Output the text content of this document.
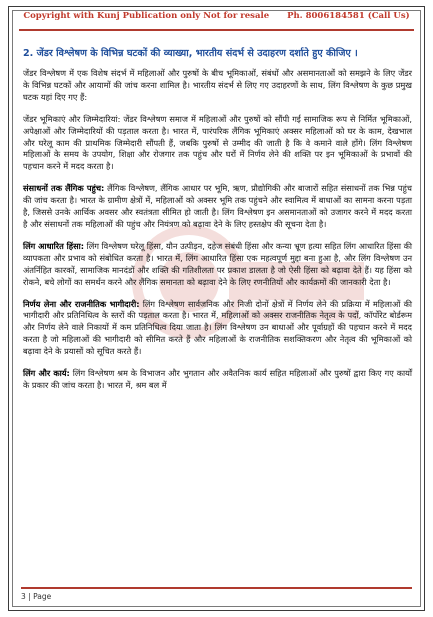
Copyright with Kunj Publication only Not for resale Ph. 8006184581 (Call Us)
2. जेंडर विश्लेषण के विभिन्न घटकों की व्याख्या, भारतीय संदर्भ से उदाहरण दर्शाते हुए कीजिए ।

जेंडर विश्लेषण में एक विशेष संदर्भ में महिलाओं और पुरुषों के बीच भूमिकाओं, संबंधों और असमानताओं को समझने के लिए जेंडर के विभिन्न घटकों और आयामों की जांच करना शामिल है। भारतीय संदर्भ से लिए गए उदाहरणों के साथ, लिंग विश्लेषण के कुछ प्रमुख घटक यहां दिए गए हैं:

जेंडर भूमिकाएं और जिम्मेदारियां: जेंडर विश्लेषण समाज में महिलाओं और पुरुषों को सौंपी गई सामाजिक रूप से निर्मित भूमिकाओं, अपेक्षाओं और जिम्मेदारियों की पड़ताल करता है। भारत में, पारंपरिक लैंगिक भूमिकाएं अक्सर महिलाओं को घर के काम, देखभाल और घरेलू काम की प्राथमिक जिम्मेदारी सौंपती हैं, जबकि पुरुषों से उम्मीद की जाती है कि वे कमाने वाले होंगे। लिंग विश्लेषण महिलाओं के समय के उपयोग, शिक्षा और रोजगार तक पहुंच और घरों में निर्णय लेने की शक्ति पर इन भूमिकाओं के प्रभावों की पहचान करने में मदद करता है।

संसाधनों तक लैंगिक पहुंच: लैंगिक विश्लेषण, लैंगिक आधार पर भूमि, ऋण, प्रौद्योगिकी और बाजारों सहित संसाधनों तक भिन्न पहुंच की जांच करता है। भारत के ग्रामीण क्षेत्रों में, महिलाओं को अक्सर भूमि तक पहुंचने और स्वामित्व में बाधाओं का सामना करना पड़ता है, जिससे उनके आर्थिक अवसर और स्वतंत्रता सीमित हो जाती है। लिंग विश्लेषण इन असमानताओं को उजागर करने में मदद करता है और संसाधनों तक महिलाओं की पहुंच और नियंत्रण को बढ़ावा देने के लिए हस्तक्षेप की सूचना देता है।

लिंग आधारित हिंसा: लिंग विश्लेषण घरेलू हिंसा, यौन उत्पीड़न, दहेज संबंधी हिंसा और कन्या भ्रूण हत्या सहित लिंग आधारित हिंसा की व्यापकता और प्रभाव को संबोधित करता है। भारत में, लिंग आधारित हिंसा एक महत्वपूर्ण मुद्दा बना हुआ है, और लिंग विश्लेषण उन अंतर्निहित कारकों, सामाजिक मानदंडों और शक्ति की गतिशीलता पर प्रकाश डालता है जो ऐसी हिंसा को बढ़ावा देते हैं। यह हिंसा को रोकने, बचे लोगों का समर्थन करने और लैंगिक समानता को बढ़ावा देने के लिए रणनीतियों और कार्यक्रमों की जानकारी देता है।

निर्णय लेना और राजनीतिक भागीदारी: लिंग विश्लेषण सार्वजनिक और निजी दोनों क्षेत्रों में निर्णय लेने की प्रक्रिया में महिलाओं की भागीदारी और प्रतिनिधित्व के स्तरों की पड़ताल करता है। भारत में, महिलाओं को अक्सर राजनीतिक नेतृत्व के पदों, कॉर्पोरेट बोर्डरूम और निर्णय लेने वाले निकायों में कम प्रतिनिधित्व दिया जाता है। लिंग विश्लेषण उन बाधाओं और पूर्वाग्रहों की पहचान करने में मदद करता है जो महिलाओं की भागीदारी को सीमित करते हैं और महिलाओं के राजनीतिक सशक्तिकरण और नेतृत्व की भूमिकाओं को बढ़ावा देने के प्रयासों को सूचित करते हैं।

लिंग और कार्य: लिंग विश्लेषण श्रम के विभाजन और भुगतान और अवैतनिक कार्य सहित महिलाओं और पुरुषों द्वारा किए गए कार्यों के प्रकार की जांच करता है। भारत में, श्रम बल में

3 | Page
